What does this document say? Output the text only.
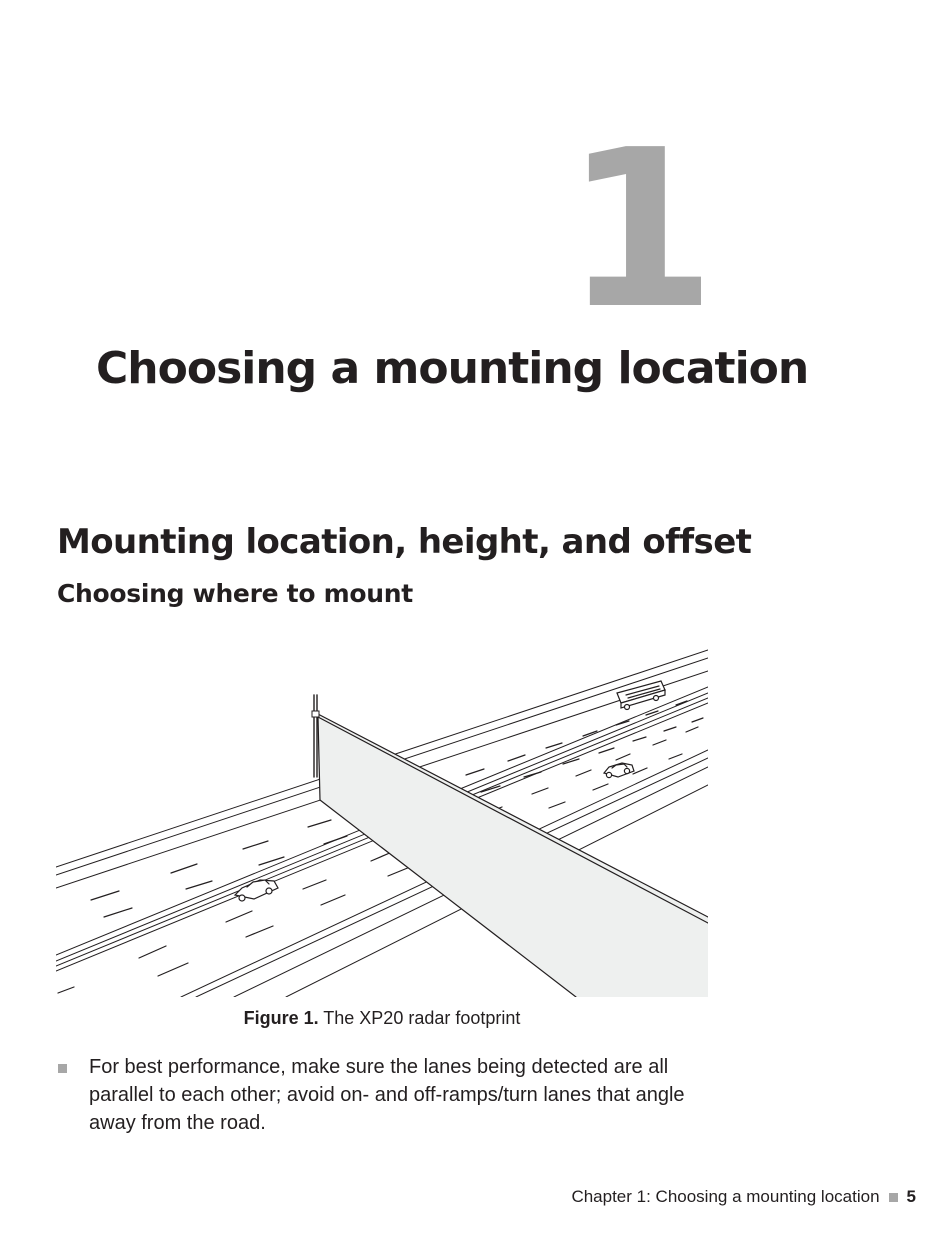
1
Choosing a mounting location
Mounting location, height, and offset
Choosing where to mount
Figure 1. The XP20 radar footprint
For best performance, make sure the lanes being detected are all parallel to each other; avoid on- and off-ramps/turn lanes that angle away from the road.
Chapter 1: Choosing a mounting location 5
